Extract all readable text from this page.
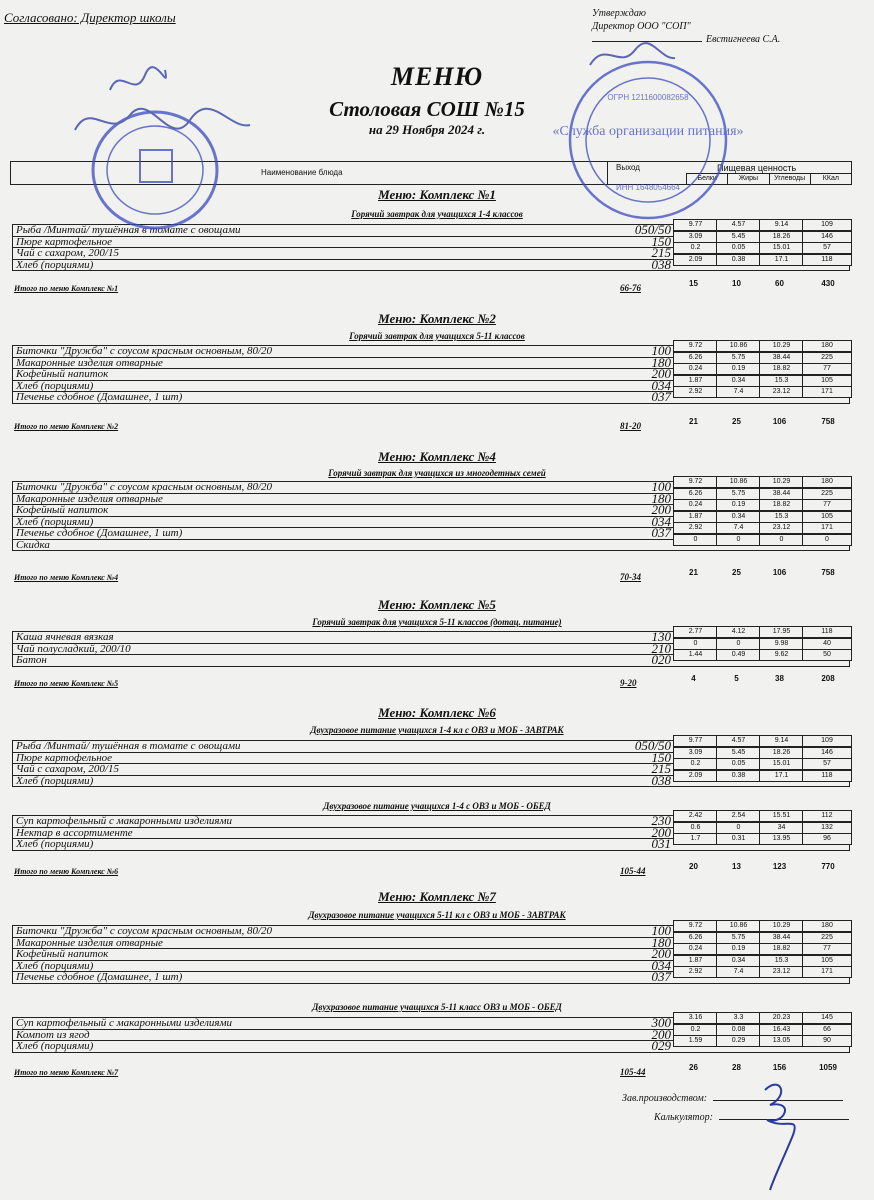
Согласовано: Директор школы	Утверждаю
Директор ООО "СОП"
Евстигнеева С.А.
МЕНЮ
Столовая СОШ №15
на 29 Ноября 2024 г.
Наименование блюда
Выход	Пищевая ценность
Белки	Жиры	Углеводы	ККал
Меню: Комплекс №1
Горячий завтрак для учащихся 1-4 классов
Рыба /Минтай/ тушённая в томате с овощами	050/50	9.77	4.57	9.14	109
Пюре картофельное	150	3.09	5.45	18.26	146
Чай с сахаром, 200/15	215	0.2	0.05	15.01	57
Хлеб (порциями)	038	2.09	0.38	17.1	118
Итого по меню Комплекс №1	66-76	15	10	60	430
Меню: Комплекс №2
Горячий завтрак для учащихся 5-11 классов
Биточки "Дружба" с соусом красным основным, 80/20	100	9.72	10.86	10.29	180
Макаронные изделия отварные	180	6.26	5.75	38.44	225
Кофейный напиток	200	0.24	0.19	18.82	77
Хлеб (порциями)	034	1.87	0.34	15.3	105
Печенье сдобное (Домашнее, 1 шт)	037	2.92	7.4	23.12	171
Итого по меню Комплекс №2	81-20	21	25	106	758
Меню: Комплекс №4
Горячий завтрак для учащихся из многодетных семей
Биточки "Дружба" с соусом красным основным, 80/20	100	9.72	10.86	10.29	180
Макаронные изделия отварные	180	6.26	5.75	38.44	225
Кофейный напиток	200	0.24	0.19	18.82	77
Хлеб (порциями)	034	1.87	0.34	15.3	105
Печенье сдобное (Домашнее, 1 шт)	037	2.92	7.4	23.12	171
Скидка	0	0	0	0
Итого по меню Комплекс №4	70-34	21	25	106	758
Меню: Комплекс №5
Горячий завтрак для учащихся 5-11 классов (дотац. питание)
Каша ячневая вязкая	130	2.77	4.12	17.95	118
Чай полусладкий, 200/10	210	0	0	9.98	40
Батон	020	1.44	0.49	9.62	50
Итого по меню Комплекс №5	9-20	4	5	38	208
Меню: Комплекс №6
Двухразовое питание учащихся 1-4 кл с ОВЗ и МОБ - ЗАВТРАК
Рыба /Минтай/ тушённая в томате с овощами	050/50	9.77	4.57	9.14	109
Пюре картофельное	150	3.09	5.45	18.26	146
Чай с сахаром, 200/15	215	0.2	0.05	15.01	57
Хлеб (порциями)	038	2.09	0.38	17.1	118
Двухразовое питание учащихся 1-4 с ОВЗ и МОБ - ОБЕД
Суп картофельный с макаронными изделиями	230	2.42	2.54	15.51	112
Нектар в ассортименте	200	0.6	0	34	132
Хлеб (порциями)	031	1.7	0.31	13.95	96
Итого по меню Комплекс №6	105-44	20	13	123	770
Меню: Комплекс №7
Двухразовое питание учащихся 5-11 кл с ОВЗ и МОБ - ЗАВТРАК
Биточки "Дружба" с соусом красным основным, 80/20	100	9.72	10.86	10.29	180
Макаронные изделия отварные	180	6.26	5.75	38.44	225
Кофейный напиток	200	0.24	0.19	18.82	77
Хлеб (порциями)	034	1.87	0.34	15.3	105
Печенье сдобное (Домашнее, 1 шт)	037	2.92	7.4	23.12	171
Двухразовое питание учащихся 5-11 класс ОВЗ и МОБ - ОБЕД
Суп картофельный с макаронными изделиями	300	3.16	3.3	20.23	145
Компот из ягод	200	0.2	0.08	16.43	66
Хлеб (порциями)	029	1.59	0.29	13.05	90
Итого по меню Комплекс №7	105-44	26	28	156	1059
Зав.производством:
Калькулятор:
«Служба организации питания»
ОГРН 1211600082658
ИНН 1648054664
